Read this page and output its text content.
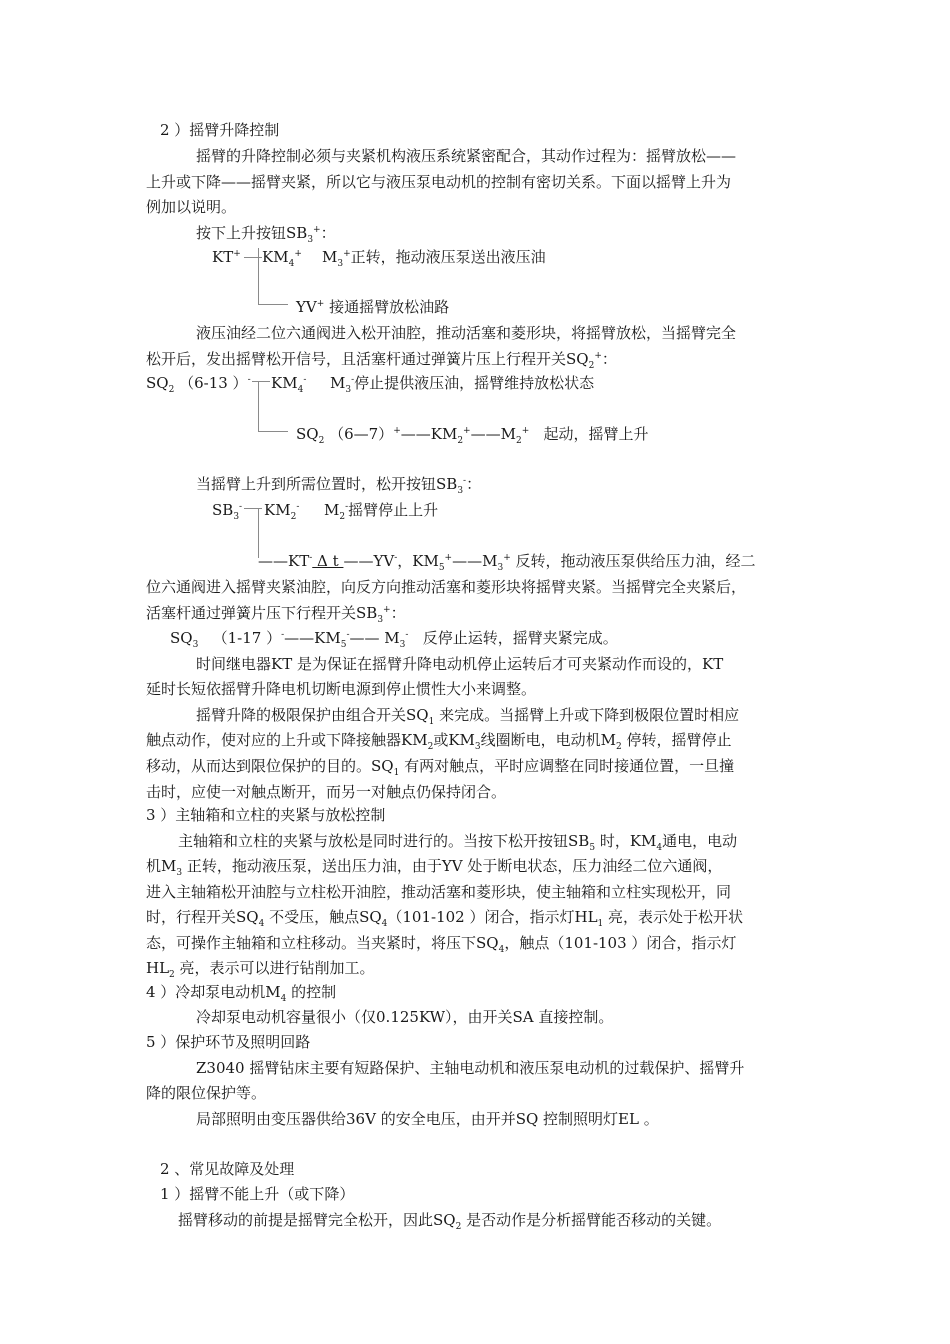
2 ）摇臂升降控制
摇臂的升降控制必须与夹紧机构液压系统紧密配合，其动作过程为：摇臂放松——
上升或下降——摇臂夹紧，所以它与液压泵电动机的控制有密切关系。下面以摇臂上升为
例加以说明。
按下上升按钮$SB_3^+$：
KT+ $KM_4^+$ $M_3^+$正转，拖动液压泵送出液压油
YV+ 接通摇臂放松油路
液压油经二位六通阀进入松开油腔，推动活塞和菱形块，将摇臂放松，当摇臂完全
松开后，发出摇臂松开信号，且活塞杆通过弹簧片压上行程开关$SQ_2^+$：
$SQ_2$ （6-13 ）- $KM_4^-$ $M_3^-$停止提供液压油，摇臂维持放松状态
$SQ_2$ $(6—7)^+——KM_2^+——M_2^+$ 起动，摇臂上升
当摇臂上升到所需位置时，松开按钮$SB_3^-$：
$SB_3^-$ $KM_2^-$ $M_2^-$摇臂停止上升
——KT- Δ t ——YV-，$KM_5^+——M_3^+$ 反转，拖动液压泵供给压力油，经二
位六通阀进入摇臂夹紧油腔，向反方向推动活塞和菱形块将摇臂夹紧。当摇臂完全夹紧后，
活塞杆通过弹簧片压下行程开关$SB_3^+$：
$SQ_3$ （1-17 ）$^-——KM_5^-——$ $M_3^-$ 反停止运转，摇臂夹紧完成。
时间继电器KT 是为保证在摇臂升降电动机停止运转后才可夹紧动作而设的，KT
延时长短依摇臂升降电机切断电源到停止惯性大小来调整。
摇臂升降的极限保护由组合开关$SQ_1$ 来完成。当摇臂上升或下降到极限位置时相应
触点动作，使对应的上升或下降接触器$KM_2$或$KM_3$线圈断电，电动机$M_2$ 停转，摇臂停止
移动，从而达到限位保护的目的。$SQ_1$ 有两对触点，平时应调整在同时接通位置，一旦撞
击时，应使一对触点断开，而另一对触点仍保持闭合。
3 ）主轴箱和立柱的夹紧与放松控制
主轴箱和立柱的夹紧与放松是同时进行的。当按下松开按钮$SB_5$ 时，$KM_4$通电，电动
机$M_3$ 正转，拖动液压泵，送出压力油，由于YV 处于断电状态，压力油经二位六通阀，
进入主轴箱松开油腔与立柱松开油腔，推动活塞和菱形块，使主轴箱和立柱实现松开，同
时，行程开关$SQ_4$ 不受压，触点$SQ_4(101-102$ ）闭合，指示灯$HL_1$ 亮，表示处于松开状
态，可操作主轴箱和立柱移动。当夹紧时，将压下$SQ_4$，触点（101-103 ）闭合，指示灯
$HL_2$ 亮，表示可以进行钻削加工。
4 ）冷却泵电动机$M_4$ 的控制
冷却泵电动机容量很小（仅0.125KW），由开关SA 直接控制。
5 ）保护环节及照明回路
Z3040 摇臂钻床主要有短路保护、主轴电动机和液压泵电动机的过载保护、摇臂升
降的限位保护等。
局部照明由变压器供给36V 的安全电压，由开并SQ 控制照明灯EL 。
2 、常见故障及处理
1 ）摇臂不能上升（或下降）
摇臂移动的前提是摇臂完全松开，因此$SQ_2$ 是否动作是分析摇臂能否移动的关键。
